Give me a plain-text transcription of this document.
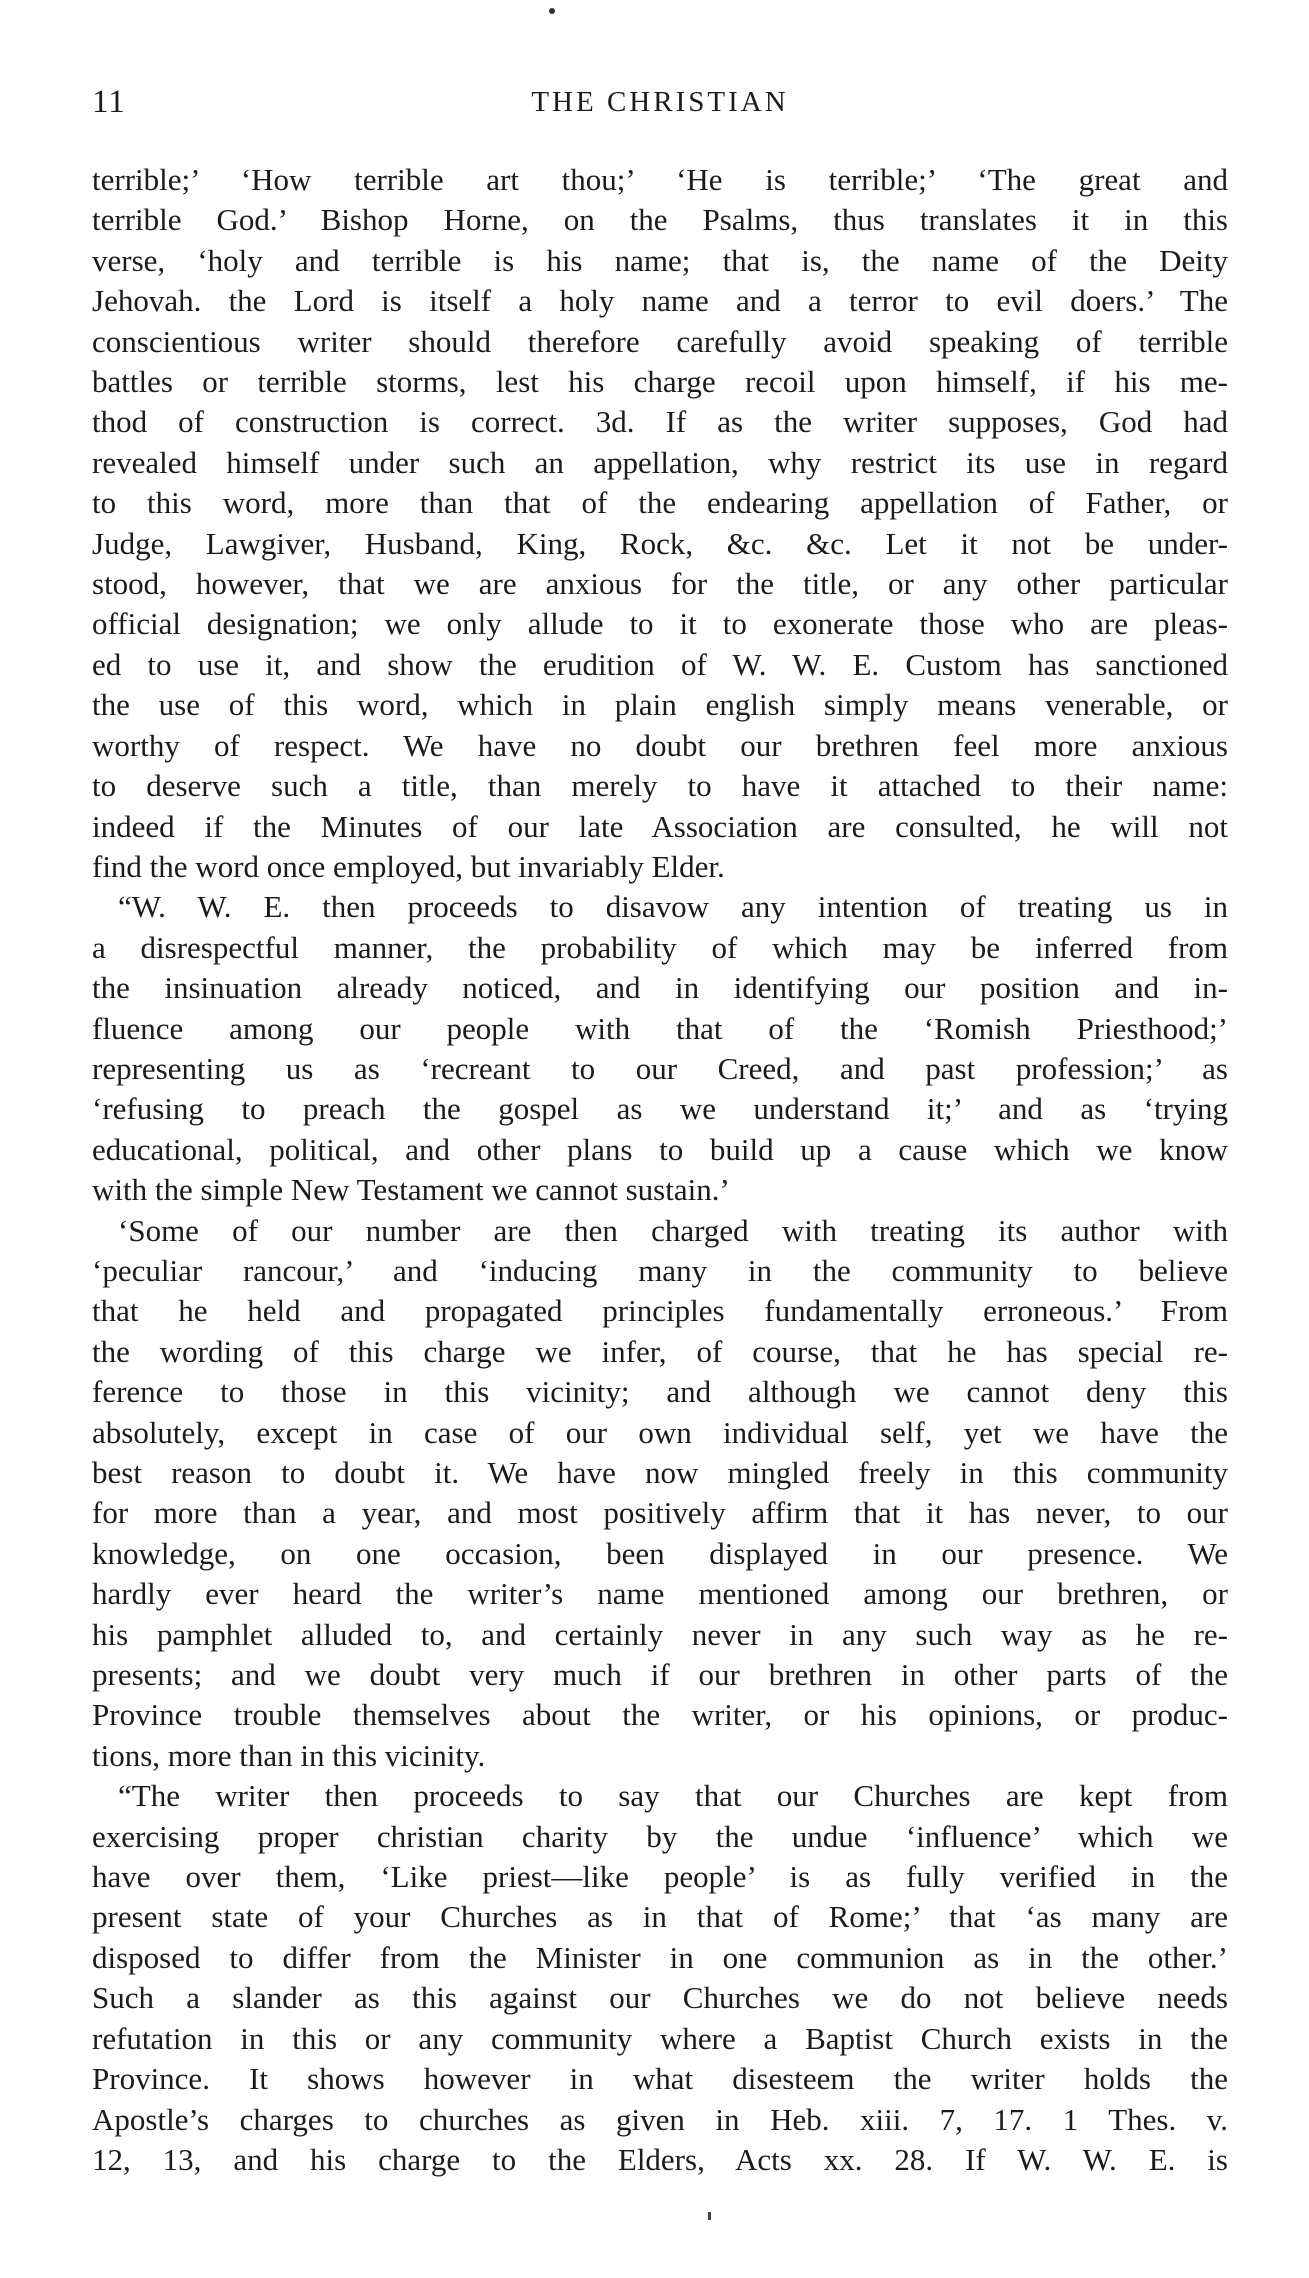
11	THE CHRISTIAN
terrible;’ ‘How terrible art thou;’ ‘He is terrible;’ ‘The great and
terrible God.’ Bishop Horne, on the Psalms, thus translates it in this
verse, ‘holy and terrible is his name; that is, the name of the Deity
Jehovah. the Lord is itself a holy name and a terror to evil doers.’ The
conscientious writer should therefore carefully avoid speaking of terrible
battles or terrible storms, lest his charge recoil upon himself, if his me-
thod of construction is correct. 3d. If as the writer supposes, God had
revealed himself under such an appellation, why restrict its use in regard
to this word, more than that of the endearing appellation of Father, or
Judge, Lawgiver, Husband, King, Rock, &c. &c. Let it not be under-
stood, however, that we are anxious for the title, or any other particular
official designation; we only allude to it to exonerate those who are pleas-
ed to use it, and show the erudition of W. W. E. Custom has sanctioned
the use of this word, which in plain english simply means venerable, or
worthy of respect. We have no doubt our brethren feel more anxious
to deserve such a title, than merely to have it attached to their name:
indeed if the Minutes of our late Association are consulted, he will not
find the word once employed, but invariably Elder.
“W. W. E. then proceeds to disavow any intention of treating us in
a disrespectful manner, the probability of which may be inferred from
the insinuation already noticed, and in identifying our position and in-
fluence among our people with that of the ‘Romish Priesthood;’
representing us as ‘recreant to our Creed, and past profession;’ as
‘refusing to preach the gospel as we understand it;’ and as ‘trying
educational, political, and other plans to build up a cause which we know
with the simple New Testament we cannot sustain.’
‘Some of our number are then charged with treating its author with
‘peculiar rancour,’ and ‘inducing many in the community to believe
that he held and propagated principles fundamentally erroneous.’ From
the wording of this charge we infer, of course, that he has special re-
ference to those in this vicinity; and although we cannot deny this
absolutely, except in case of our own individual self, yet we have the
best reason to doubt it. We have now mingled freely in this community
for more than a year, and most positively affirm that it has never, to our
knowledge, on one occasion, been displayed in our presence. We
hardly ever heard the writer’s name mentioned among our brethren, or
his pamphlet alluded to, and certainly never in any such way as he re-
presents; and we doubt very much if our brethren in other parts of the
Province trouble themselves about the writer, or his opinions, or produc-
tions, more than in this vicinity.
“The writer then proceeds to say that our Churches are kept from
exercising proper christian charity by the undue ‘influence’ which we
have over them, ‘Like priest—like people’ is as fully verified in the
present state of your Churches as in that of Rome;’ that ‘as many are
disposed to differ from the Minister in one communion as in the other.’
Such a slander as this against our Churches we do not believe needs
refutation in this or any community where a Baptist Church exists in the
Province. It shows however in what disesteem the writer holds the
Apostle’s charges to churches as given in Heb. xiii. 7, 17. 1 Thes. v.
12, 13, and his charge to the Elders, Acts xx. 28. If W. W. E. is
